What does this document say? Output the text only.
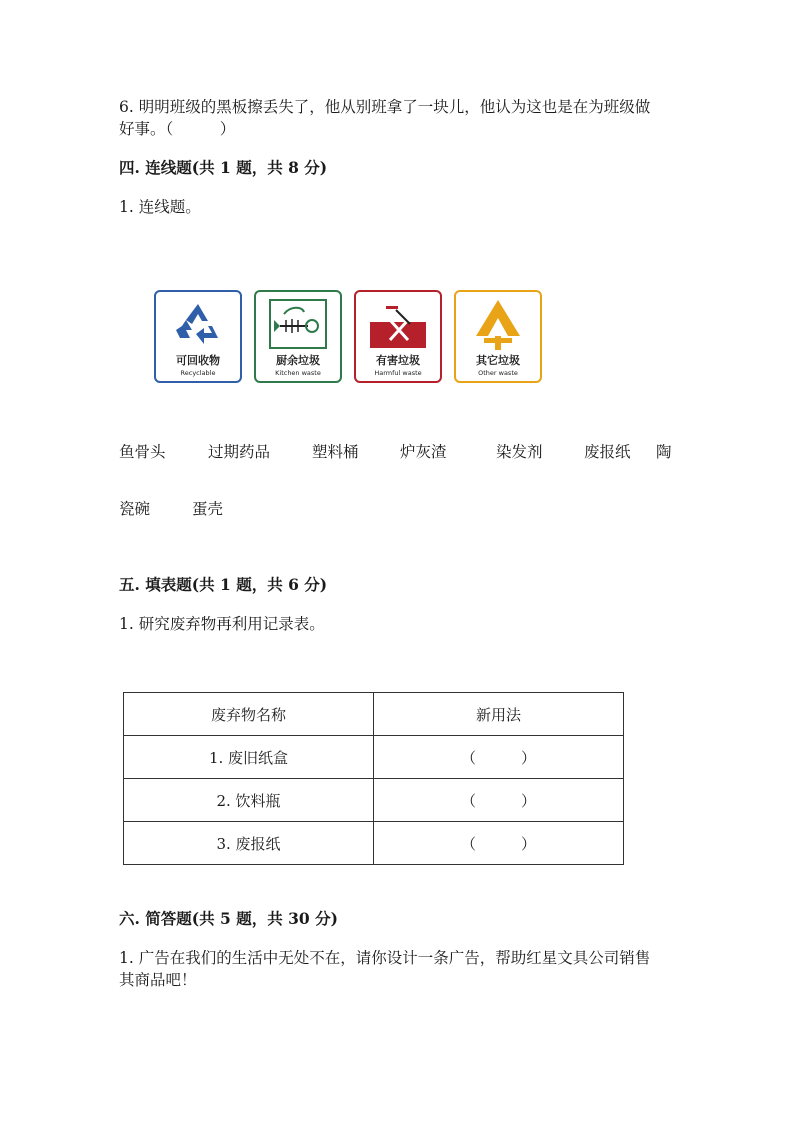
6. 明明班级的黑板擦丢失了，他从别班拿了一块儿，他认为这也是在为班级做
好事。（　　　）
四. 连线题(共 1 题，共 8 分)
1. 连线题。
可回收物
Recyclable
厨余垃圾
Kitchen waste
有害垃圾
Harmful waste
其它垃圾
Other waste
鱼骨头	过期药品	塑料桶	炉灰渣	染发剂	废报纸 陶
瓷碗	蛋壳
五. 填表题(共 1 题，共 6 分)
1. 研究废弃物再利用记录表。
废弃物名称	新用法
1. 废旧纸盒	（　　　）
2. 饮料瓶	（　　　）
3. 废报纸	（　　　）
六. 简答题(共 5 题，共 30 分)
1. 广告在我们的生活中无处不在，请你设计一条广告，帮助红星文具公司销售
其商品吧！
